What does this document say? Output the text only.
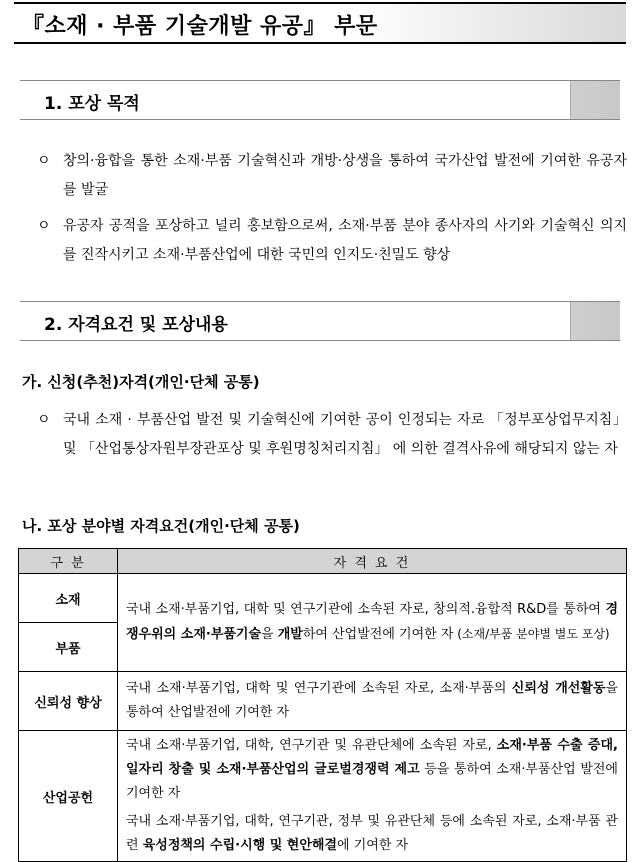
『소재 · 부품 기술개발 유공』 부문
1. 포상 목적
ㅇ 창의·융합을 통한 소재·부품 기술혁신과 개방·상생을 통하여 국가산업 발전에 기여한 유공자를 발굴
ㅇ 유공자 공적을 포상하고 널리 홍보함으로써, 소재·부품 분야 종사자의 사기와 기술혁신 의지를 진작시키고 소재·부품산업에 대한 국민의 인지도·친밀도 향상
2. 자격요건 및 포상내용
가. 신청(추천)자격(개인·단체 공통)
ㅇ 국내 소재 · 부품산업 발전 및 기술혁신에 기여한 공이 인정되는 자로 「정부포상업무지침」 및 「산업통상자원부장관포상 및 후원명칭처리지침」 에 의한 결격사유에 해당되지 않는 자
나. 포상 분야별 자격요건(개인·단체 공통)
구 분	자 격 요 건
소재	국내 소재·부품기업, 대학 및 연구기관에 소속된 자로, 창의적.융합적 R&D를 통하여 경쟁우위의 소재·부품기술을 개발하여 산업발전에 기여한 자 (소재/부품 분야별 별도 포상)
부품	
신뢰성 향상	국내 소재·부품기업, 대학 및 연구기관에 소속된 자로, 소재·부품의 신뢰성 개선활동을 통하여 산업발전에 기여한 자
산업공헌	국내 소재·부품기업, 대학, 연구기관 및 유관단체에 소속된 자로, 소재·부품 수출 증대, 일자리 창출 및 소재·부품산업의 글로벌경쟁력 제고 등을 통하여 소재·부품산업 발전에 기여한 자
국내 소재·부품기업, 대학, 연구기관, 정부 및 유관단체 등에 소속된 자로, 소재·부품 관련 육성정책의 수립·시행 및 현안해결에 기여한 자
